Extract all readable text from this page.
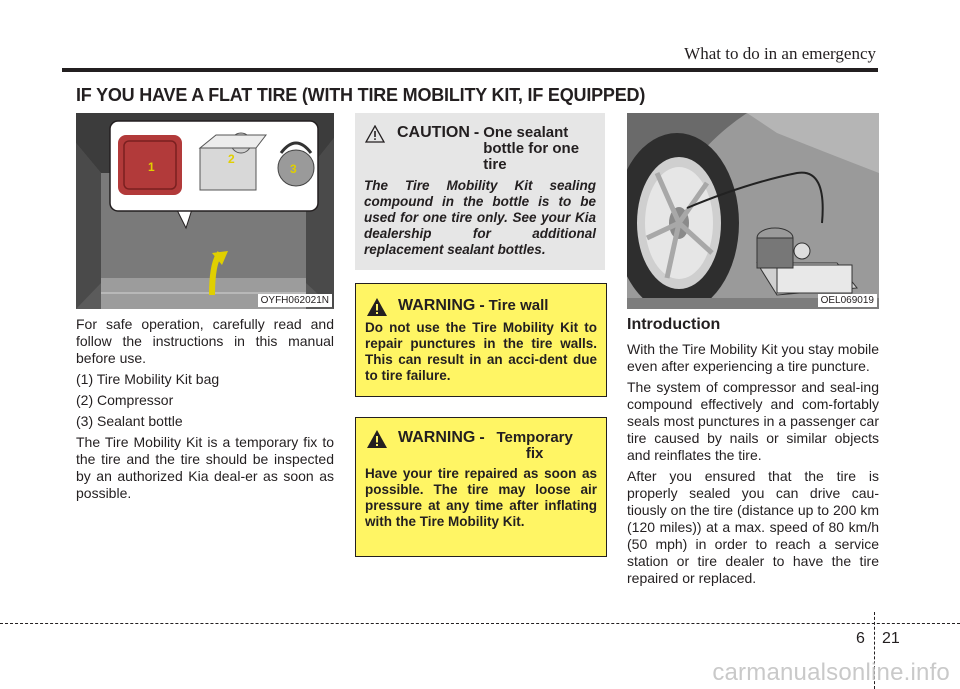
What to do in an emergency
IF YOU HAVE A FLAT TIRE (WITH TIRE MOBILITY KIT, IF EQUIPPED)
1
2
3
OYFH062021N

For safe operation, carefully read and follow the instructions in this manual before use.

(1) Tire Mobility Kit bag

(2) Compressor

(3) Sealant bottle

The Tire Mobility Kit is a temporary fix to the tire and the tire should be inspected by an authorized Kia deal-er as soon as possible.

CAUTION - One sealant bottle for one tire
The Tire Mobility Kit sealing compound in the bottle is to be used for one tire only. See your Kia dealership for additional replacement sealant bottles.
WARNING - Tire wall
Do not use the Tire Mobility Kit to repair punctures in the tire walls. This can result in an acci-dent due to tire failure.
WARNING - Temporary fix
Have your tire repaired as soon as possible. The tire may loose air pressure at any time after inflating with the Tire Mobility Kit.
OEL069019
Introduction

With the Tire Mobility Kit you stay mobile even after experiencing a tire puncture.

The system of compressor and seal-ing compound effectively and com-fortably seals most punctures in a passenger car tire caused by nails or similar objects and reinflates the tire.

After you ensured that the tire is properly sealed you can drive cau-tiously on the tire (distance up to 200 km (120 miles)) at a max. speed of 80 km/h (50 mph) in order to reach a service station or tire dealer to have the tire repaired or replaced.

6 21
carmanualsonline.info
